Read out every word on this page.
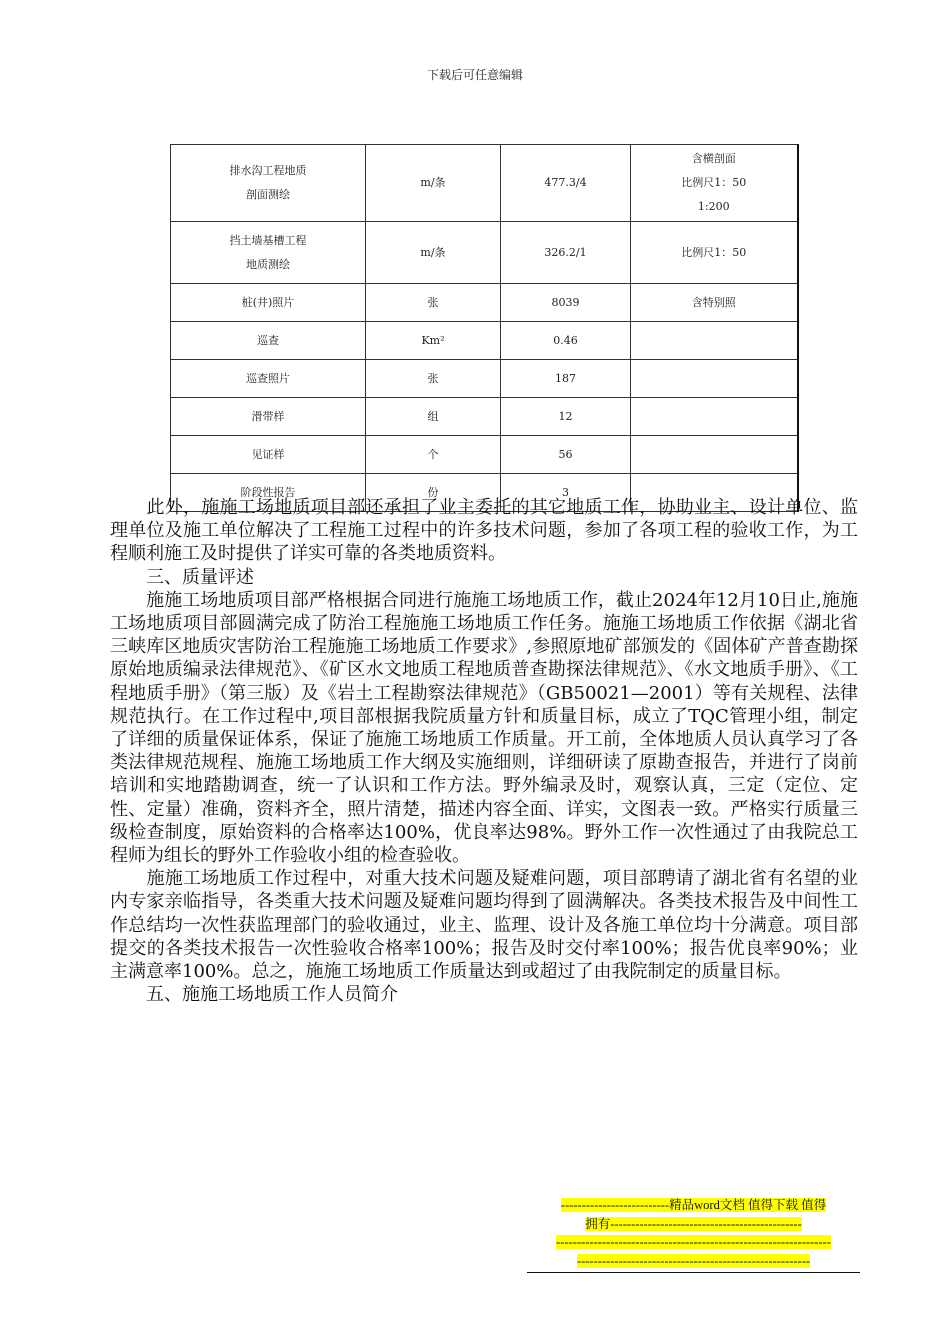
下载后可任意编辑
排水沟工程地质
剖面测绘	m/条	477.3/4	含横剖面
比例尺1：50
1:200
挡土墙基槽工程
地质测绘	m/条	326.2/1	比例尺1：50
桩(井)照片	张	8039	含特别照
巡查	Km²	0.46	
巡查照片	张	187	
滑带样	组	12	
见证样	个	56	
阶段性报告	份	3	

　　此外，施施工场地质项目部还承担了业主委托的其它地质工作，协助业主、设计单位、监理单位及施工单位解决了工程施工过程中的许多技术问题，参加了各项工程的验收工作，为工程顺利施工及时提供了详实可靠的各类地质资料。

　　三、质量评述

　　施施工场地质项目部严格根据合同进行施施工场地质工作，截止2024年12月10日止,施施工场地质项目部圆满完成了防治工程施施工场地质工作任务。施施工场地质工作依据《湖北省三峡库区地质灾害防治工程施施工场地质工作要求》,参照原地矿部颁发的《固体矿产普查勘探原始地质编录法律规范》、《矿区水文地质工程地质普查勘探法律规范》、《水文地质手册》、《工程地质手册》（第三版）及《岩土工程勘察法律规范》（GB50021—2001）等有关规程、法律规范执行。在工作过程中,项目部根据我院质量方针和质量目标，成立了TQC管理小组，制定了详细的质量保证体系，保证了施施工场地质工作质量。开工前，全体地质人员认真学习了各类法律规范规程、施施工场地质工作大纲及实施细则，详细研读了原勘查报告，并进行了岗前培训和实地踏勘调查，统一了认识和工作方法。野外编录及时，观察认真，三定（定位、定性、定量）准确，资料齐全，照片清楚，描述内容全面、详实，文图表一致。严格实行质量三级检查制度，原始资料的合格率达100%，优良率达98%。野外工作一次性通过了由我院总工程师为组长的野外工作验收小组的检查验收。

　　施施工场地质工作过程中，对重大技术问题及疑难问题，项目部聘请了湖北省有名望的业内专家亲临指导，各类重大技术问题及疑难问题均得到了圆满解决。各类技术报告及中间性工作总结均一次性获监理部门的验收通过，业主、监理、设计及各施工单位均十分满意。项目部提交的各类技术报告一次性验收合格率100%；报告及时交付率100%；报告优良率90%；业主满意率100%。总之，施施工场地质工作质量达到或超过了由我院制定的质量目标。

　　五、施施工场地质工作人员简介

--------------------------精品word文档 值得下载 值得
拥有----------------------------------------------
------------------------------------------------------------------
--------------------------------------------------------
